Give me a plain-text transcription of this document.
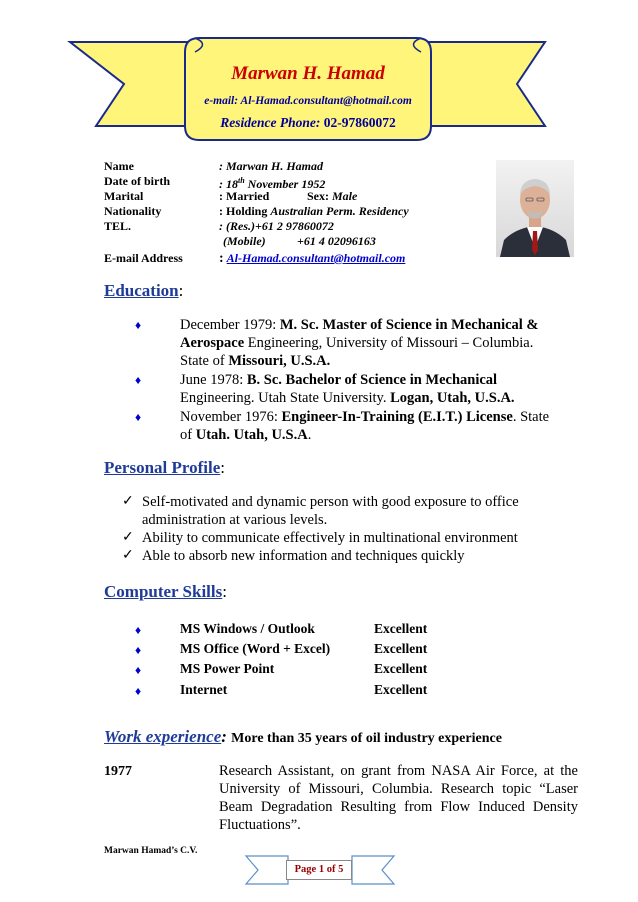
Marwan H. Hamad
e-mail: Al-Hamad.consultant@hotmail.com
Residence Phone: 02-97860072
Name	: Marwan H. Hamad
Date of birth	: 18th November 1952
Marital	: Married	Sex: Male
Nationality	: Holding Australian Perm. Residency
TEL.	: (Res.)+61 2 97860072
(Mobile)	+61 4 02096163
E-mail Address	: Al-Hamad.consultant@hotmail.com
Education:
♦	December 1979: M. Sc. Master of Science in Mechanical &
Aerospace Engineering, University of Missouri – Columbia.
State of Missouri, U.S.A.
♦	June 1978: B. Sc. Bachelor of Science in Mechanical
Engineering. Utah State University. Logan, Utah, U.S.A.
♦	November 1976: Engineer-In-Training (E.I.T.) License. State
of Utah. Utah, U.S.A.
Personal Profile:
✓ Self-motivated and dynamic person with good exposure to office administration at various levels.
✓ Ability to communicate effectively in multinational environment
✓ Able to absorb new information and techniques quickly
Computer Skills:
♦	MS Windows / Outlook	Excellent
♦	MS Office (Word + Excel)	Excellent
♦	MS Power Point	Excellent
♦	Internet	Excellent
Work experience: More than 35 years of oil industry experience
1977	Research Assistant, on grant from NASA Air Force, at the University of Missouri, Columbia. Research topic “Laser Beam Degradation Resulting from Flow Induced Density Fluctuations”.
Marwan Hamad’s C.V.
Page 1 of 5
